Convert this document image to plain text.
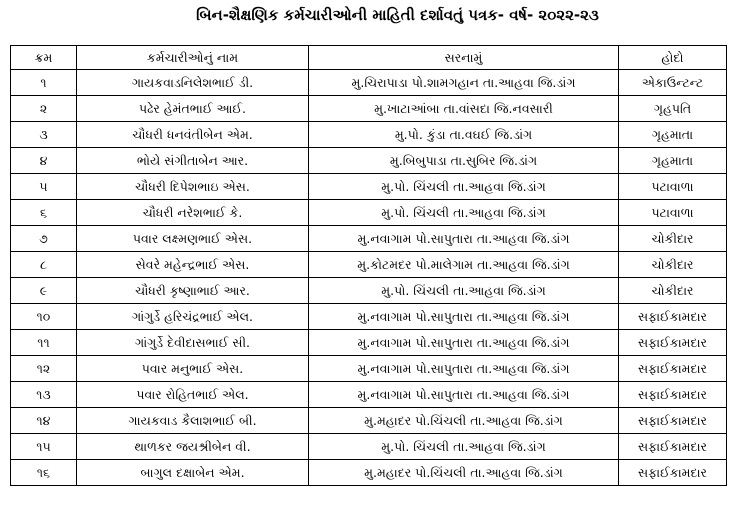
બિન-શૈક્ષણિક કર્મચારીઓની માહિતી દર્શાવતું પત્રક- વર્ષ- ૨૦૨૨-૨૩
ક્રમ	કર્મચારીઓનું નામ	સરનામું	હોદો
૧	ગાયકવાડનિલેશભાઈ ડી.	મુ.ચિરાપાડા પો.શામગહાન તા.આહવા જિ.ડાંગ	એકાઉન્ટન્ટ
૨	પઢેર હેમંતભાઈ આઈ.	મુ.ખાટાઆંબા તા.વાંસદા જિ.નવસારી	ગૃહપતિ
૩	ચૌધરી ધનવંતીબેન એમ.	મુ.પો. કુંડા તા.વઘઈ જિ.ડાંગ	ગૃહમાતા
૪	ભોયે સંગીતાબેન આર.	મુ.બિબુપાડા તા.સુબિર જિ.ડાંગ	ગૃહમાતા
૫	ચૌધરી દિપેશભાઇ એસ.	મુ.પો. ચિંચલી તા.આહવા જિ.ડાંગ	પટાવાળા
૬	ચૌધરી નરેશભાઈ કે.	મુ.પો. ચિંચલી તા.આહવા જિ.ડાંગ	પટાવાળા
૭	પવાર લક્ષ્મણભાઈ એસ.	મુ.નવાગામ પો.સાપુતારા તા.આહવા જિ.ડાંગ	ચોકીદાર
૮	સેવરે મહેન્દ્રભાઈ એસ.	મુ.કોટમદર પો.માલેગામ તા.આહવા જિ.ડાંગ	ચોકીદાર
૯	ચૌધરી કૃષ્ણાભાઈ આર.	મુ.પો. ચિંચલી તા.આહવા જિ.ડાંગ	ચોકીદાર
૧૦	ગાંગુર્ડે હરિચંદ્રભાઈ એલ.	મુ.નવાગામ પો.સાપુતારા તા.આહવા જિ.ડાંગ	સફાઈકામદાર
૧૧	ગાંગુર્ડે દેવીદાસભાઈ સી.	મુ.નવાગામ પો.સાપુતારા તા.આહવા જિ.ડાંગ	સફાઈકામદાર
૧૨	પવાર મનુભાઈ એસ.	મુ.નવાગામ પો.સાપુતારા તા.આહવા જિ.ડાંગ	સફાઈકામદાર
૧૩	પવાર રોહિતભાઈ એલ.	મુ.નવાગામ પો.સાપુતારા તા.આહવા જિ.ડાંગ	સફાઈકામદાર
૧૪	ગાયકવાડ કૈલાશભાઈ બી.	મુ.મહાદર પો.ચિંચલી તા.આહવા જિ.ડાંગ	સફાઈકામદાર
૧૫	થાળકર જયશ્રીબેન વી.	મુ.પો. ચિંચલી તા.આહવા જિ.ડાંગ	સફાઈકામદાર
૧૬	બાગુલ દક્ષાબેન એમ.	મુ.મહાદર પો.ચિંચલી તા.આહવા જિ.ડાંગ	સફાઈકામદાર
